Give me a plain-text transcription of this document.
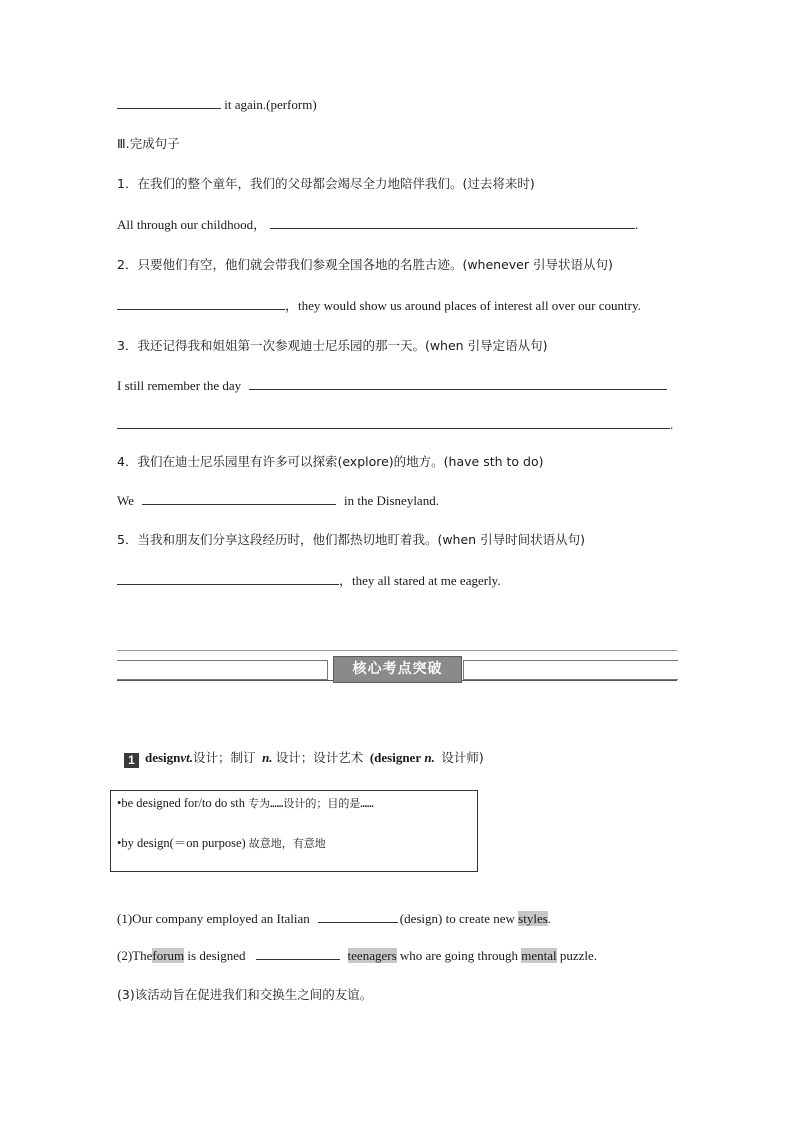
it again.(perform)
Ⅲ.完成句子
1．在我们的整个童年，我们的父母都会竭尽全力地陪伴我们。(过去将来时)
All through our childhood，	.
2．只要他们有空，他们就会带我们参观全国各地的名胜古迹。(whenever 引导状语从句)
，they would show us around places of interest all over our country.
3．我还记得我和姐姐第一次参观迪士尼乐园的那一天。(when 引导定语从句)
I still remember the day
.
4．我们在迪士尼乐园里有许多可以探索(explore)的地方。(have sth to do)
We	in the Disneyland.
5．当我和朋友们分享这段经历时，他们都热切地盯着我。(when 引导时间状语从句)
，they all stared at me eagerly.
核心考点突破
1 designvt.设计；制订 n. 设计；设计艺术 (designer n. 设计师)
•be designed for/to do sth 专为……设计的；目的是……
•by design(＝on purpose) 故意地，有意地
(1)Our company employed an Italian	(design) to create new styles.
(2)Theforum is designed	teenagers who are going through mental puzzle.
(3)该活动旨在促进我们和交换生之间的友谊。
